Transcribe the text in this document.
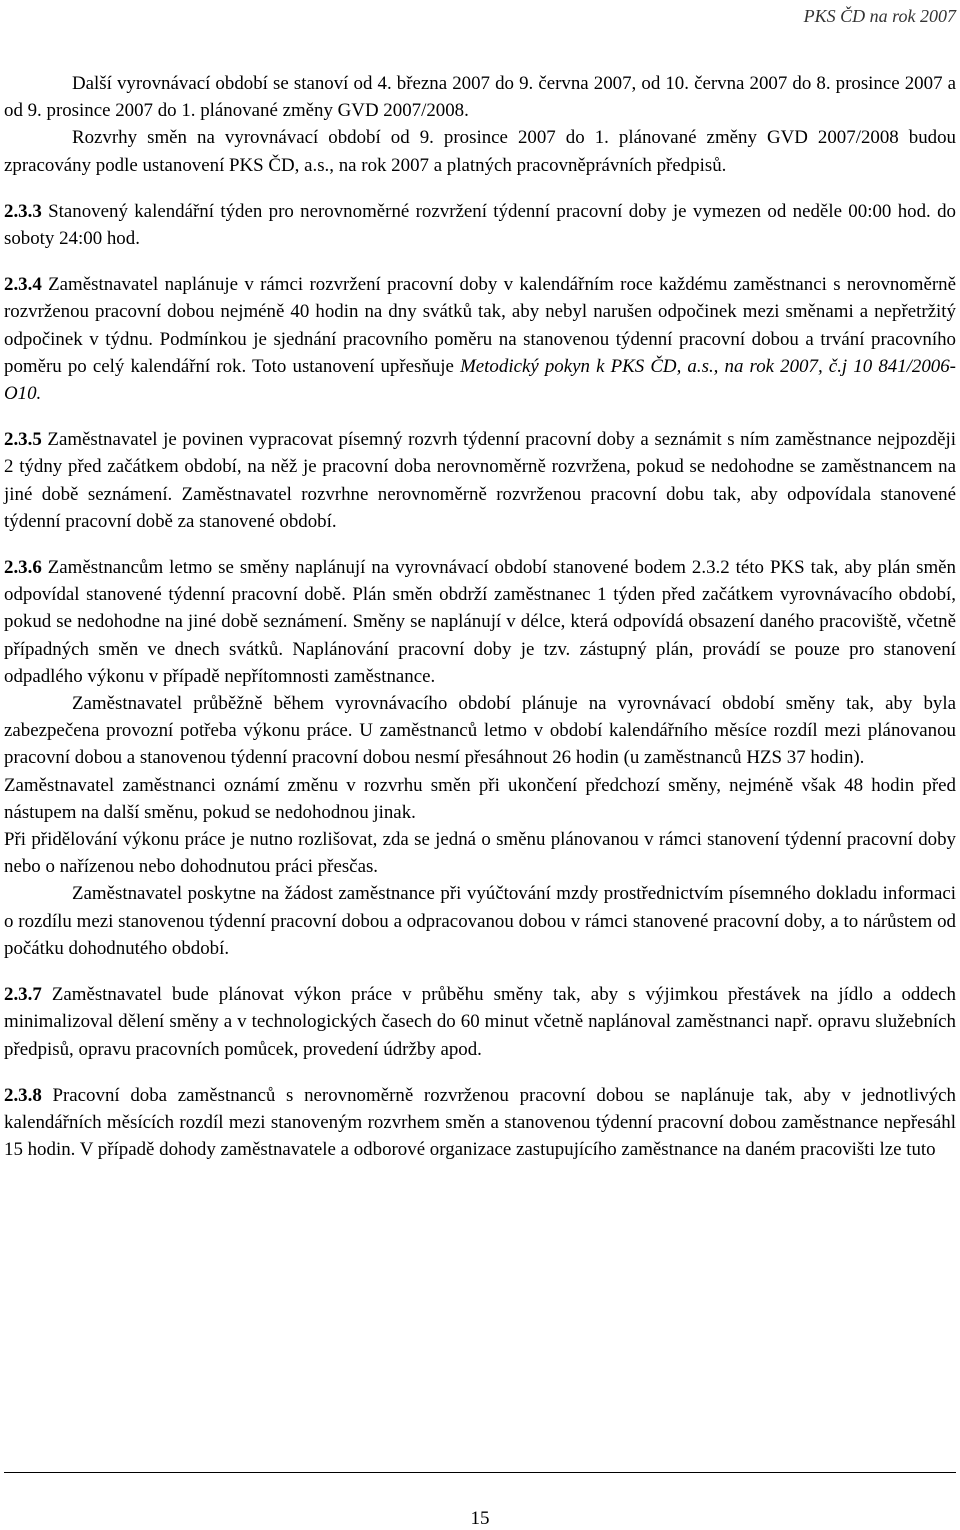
PKS ČD na rok 2007

Další vyrovnávací období se stanoví od 4. března 2007 do 9. června 2007, od 10. června 2007 do 8. prosince 2007 a od 9. prosince 2007 do 1. plánované změny GVD 2007/2008.

Rozvrhy směn na vyrovnávací období od 9. prosince 2007 do 1. plánované změny GVD 2007/2008 budou zpracovány podle ustanovení PKS ČD, a.s., na rok 2007 a platných pracovněprávních předpisů.

2.3.3 Stanovený kalendářní týden pro nerovnoměrné rozvržení týdenní pracovní doby je vymezen od neděle 00:00 hod. do soboty 24:00 hod.

2.3.4 Zaměstnavatel naplánuje v rámci rozvržení pracovní doby v kalendářním roce každému zaměstnanci s nerovnoměrně rozvrženou pracovní dobou nejméně 40 hodin na dny svátků tak, aby nebyl narušen odpočinek mezi směnami a nepřetržitý odpočinek v týdnu. Podmínkou je sjednání pracovního poměru na stanovenou týdenní pracovní dobou a trvání pracovního poměru po celý kalendářní rok. Toto ustanovení upřesňuje Metodický pokyn k PKS ČD, a.s., na rok 2007, č.j 10 841/2006-O10.

2.3.5 Zaměstnavatel je povinen vypracovat písemný rozvrh týdenní pracovní doby a seznámit s ním zaměstnance nejpozději 2 týdny před začátkem období, na něž je pracovní doba nerovnoměrně rozvržena, pokud se nedohodne se zaměstnancem na jiné době seznámení. Zaměstnavatel rozvrhne nerovnoměrně rozvrženou pracovní dobu tak, aby odpovídala stanovené týdenní pracovní době za stanovené období.

2.3.6 Zaměstnancům letmo se směny naplánují na vyrovnávací období stanovené bodem 2.3.2 této PKS tak, aby plán směn odpovídal stanovené týdenní pracovní době. Plán směn obdrží zaměstnanec 1 týden před začátkem vyrovnávacího období, pokud se nedohodne na jiné době seznámení. Směny se naplánují v délce, která odpovídá obsazení daného pracoviště, včetně případných směn ve dnech svátků. Naplánování pracovní doby je tzv. zástupný plán, provádí se pouze pro stanovení odpadlého výkonu v případě nepřítomnosti zaměstnance.

Zaměstnavatel průběžně během vyrovnávacího období plánuje na vyrovnávací období směny tak, aby byla zabezpečena provozní potřeba výkonu práce. U zaměstnanců letmo v období kalendářního měsíce rozdíl mezi plánovanou pracovní dobou a stanovenou týdenní pracovní dobou nesmí přesáhnout 26 hodin (u zaměstnanců HZS 37 hodin).

Zaměstnavatel zaměstnanci oznámí změnu v rozvrhu směn při ukončení předchozí směny, nejméně však 48 hodin před nástupem na další směnu, pokud se nedohodnou jinak.

Při přidělování výkonu práce je nutno rozlišovat, zda se jedná o směnu plánovanou v rámci stanovení týdenní pracovní doby nebo o nařízenou nebo dohodnutou práci přesčas.

Zaměstnavatel poskytne na žádost zaměstnance při vyúčtování mzdy prostřednictvím písemného dokladu informaci o rozdílu mezi stanovenou týdenní pracovní dobou a odpracovanou dobou v rámci stanovené pracovní doby, a to nárůstem od počátku dohodnutého období.

2.3.7 Zaměstnavatel bude plánovat výkon práce v průběhu směny tak, aby s výjimkou přestávek na jídlo a oddech minimalizoval dělení směny a v technologických časech do 60 minut včetně naplánoval zaměstnanci např. opravu služebních předpisů, opravu pracovních pomůcek, provedení údržby apod.

2.3.8 Pracovní doba zaměstnanců s nerovnoměrně rozvrženou pracovní dobou se naplánuje tak, aby v jednotlivých kalendářních měsících rozdíl mezi stanoveným rozvrhem směn a stanovenou týdenní pracovní dobou zaměstnance nepřesáhl 15 hodin. V případě dohody zaměstnavatele a odborové organizace zastupujícího zaměstnance na daném pracovišti lze tuto

15
